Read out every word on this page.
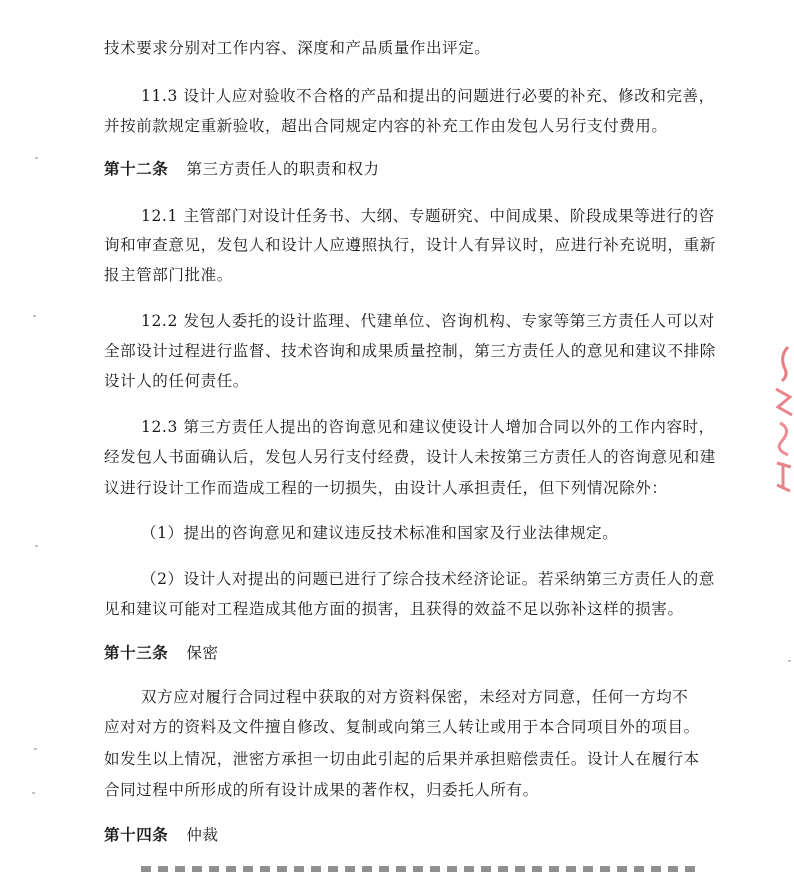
技术要求分别对工作内容、深度和产品质量作出评定。
11.3 设计人应对验收不合格的产品和提出的问题进行必要的补充、修改和完善，
并按前款规定重新验收，超出合同规定内容的补充工作由发包人另行支付费用。
第十二条 第三方责任人的职责和权力
12.1 主管部门对设计任务书、大纲、专题研究、中间成果、阶段成果等进行的咨
询和审查意见，发包人和设计人应遵照执行，设计人有异议时，应进行补充说明，重新
报主管部门批准。
12.2 发包人委托的设计监理、代建单位、咨询机构、专家等第三方责任人可以对
全部设计过程进行监督、技术咨询和成果质量控制，第三方责任人的意见和建议不排除
设计人的任何责任。
12.3 第三方责任人提出的咨询意见和建议使设计人增加合同以外的工作内容时，
经发包人书面确认后，发包人另行支付经费，设计人未按第三方责任人的咨询意见和建
议进行设计工作而造成工程的一切损失，由设计人承担责任，但下列情况除外：
（1）提出的咨询意见和建议违反技术标准和国家及行业法律规定。
（2）设计人对提出的问题已进行了综合技术经济论证。若采纳第三方责任人的意
见和建议可能对工程造成其他方面的损害，且获得的效益不足以弥补这样的损害。
第十三条 保密
双方应对履行合同过程中获取的对方资料保密，未经对方同意，任何一方均不
应对对方的资料及文件擅自修改、复制或向第三人转让或用于本合同项目外的项目。
如发生以上情况，泄密方承担一切由此引起的后果并承担赔偿责任。设计人在履行本
合同过程中所形成的所有设计成果的著作权，归委托人所有。
第十四条 仲裁
